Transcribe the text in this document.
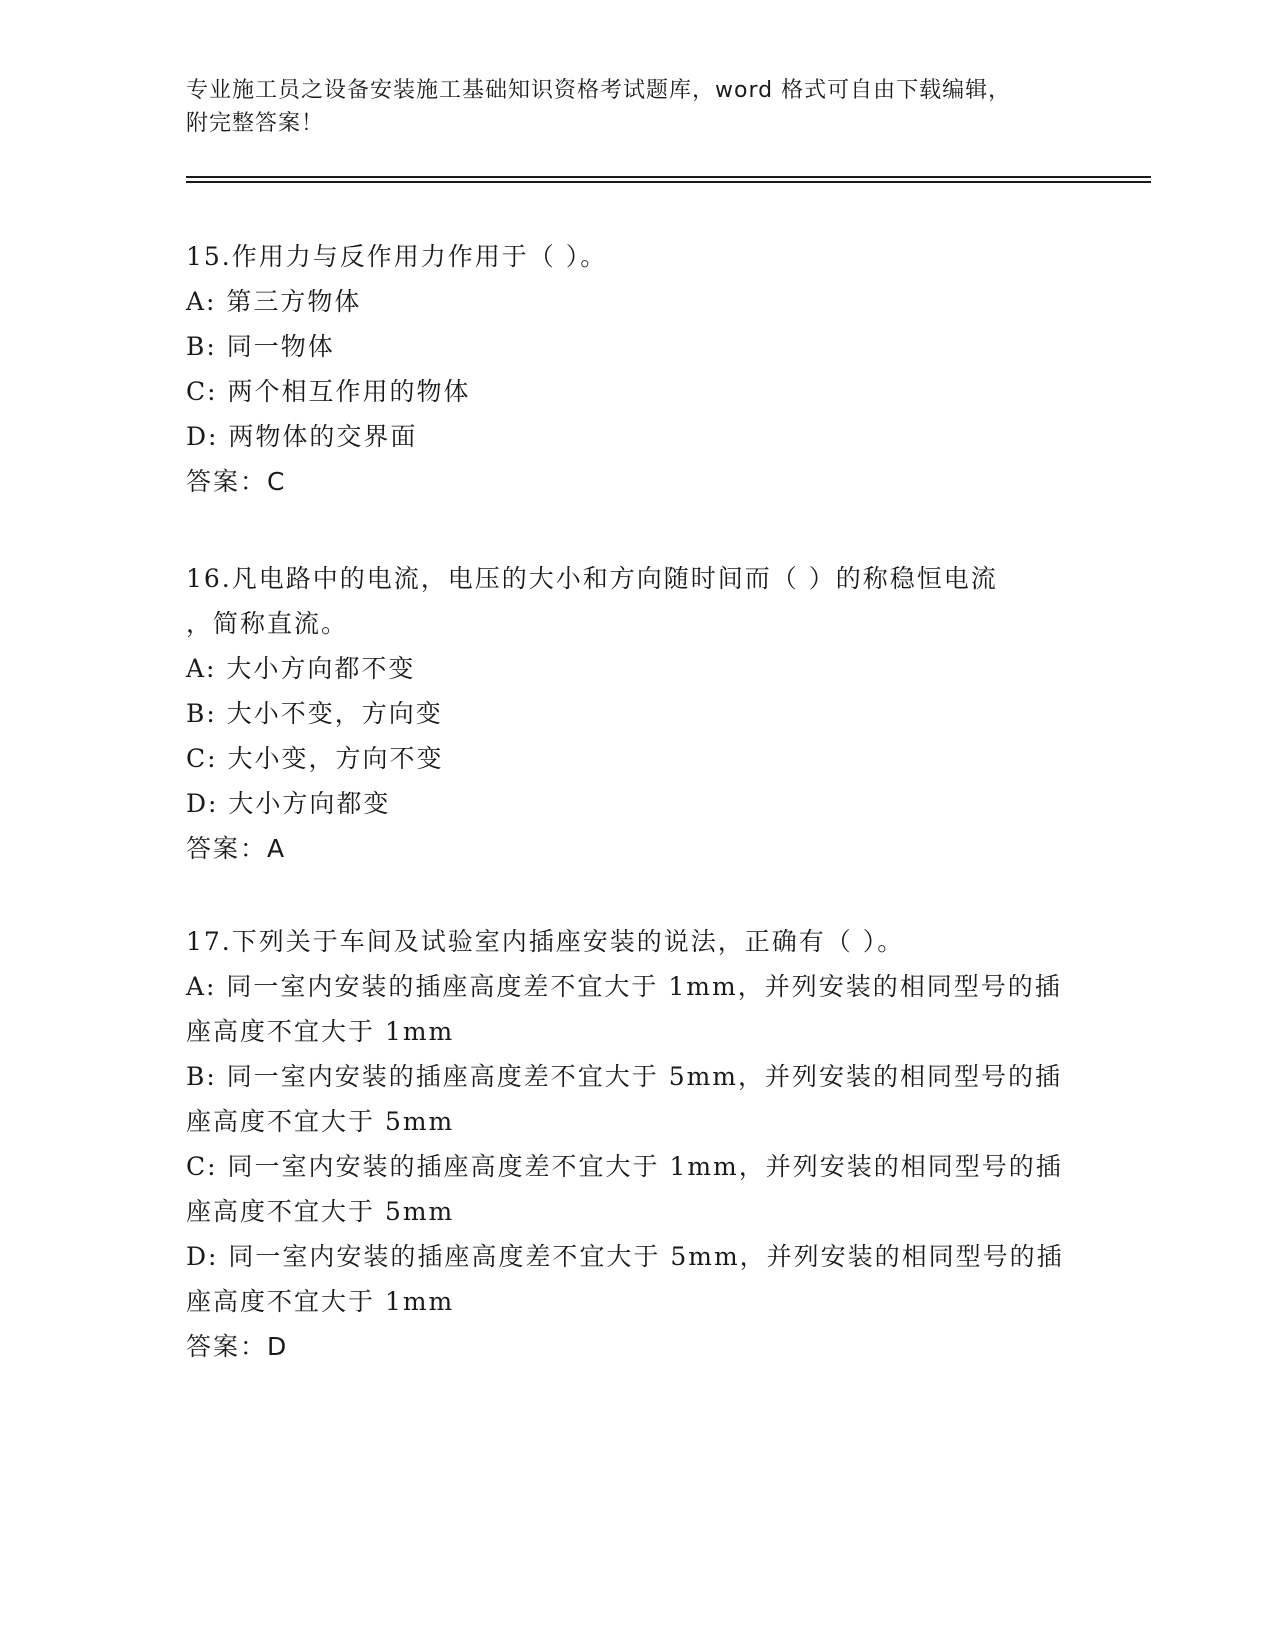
专业施工员之设备安装施工基础知识资格考试题库，word 格式可自由下载编辑，
附完整答案！
15.作用力与反作用力作用于（ ）。
A: 第三方物体
B: 同一物体
C: 两个相互作用的物体
D: 两物体的交界面
答案：C
16.凡电路中的电流，电压的大小和方向随时间而（ ）的称稳恒电流
，简称直流。
A: 大小方向都不变
B: 大小不变，方向变
C: 大小变，方向不变
D: 大小方向都变
答案：A
17.下列关于车间及试验室内插座安装的说法，正确有（ ）。
A: 同一室内安装的插座高度差不宜大于 1mm，并列安装的相同型号的插座高度不宜大于 1mm
B: 同一室内安装的插座高度差不宜大于 5mm，并列安装的相同型号的插座高度不宜大于 5mm
C: 同一室内安装的插座高度差不宜大于 1mm，并列安装的相同型号的插座高度不宜大于 5mm
D: 同一室内安装的插座高度差不宜大于 5mm，并列安装的相同型号的插座高度不宜大于 1mm
答案：D
